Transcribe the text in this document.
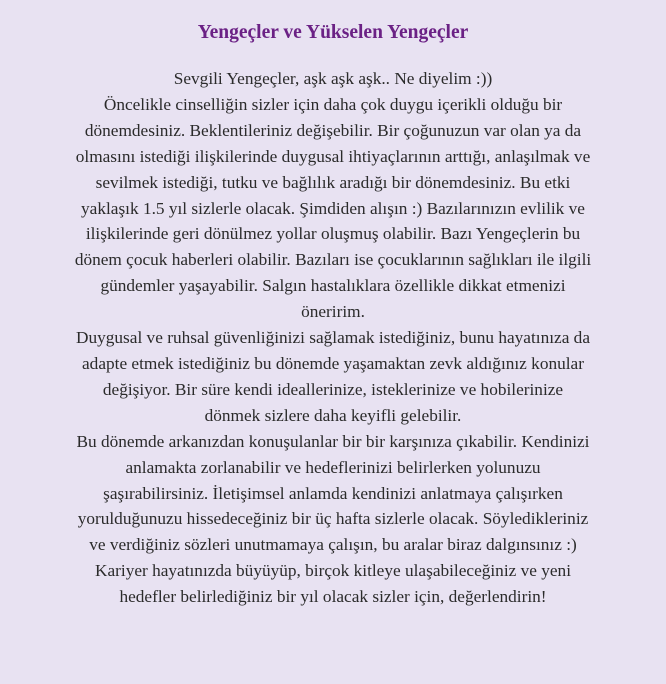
Yengeçler ve Yükselen Yengeçler
Sevgili Yengeçler, aşk aşk aşk.. Ne diyelim :))
Öncelikle cinselliğin sizler için daha çok duygu içerikli olduğu bir
dönemdesiniz. Beklentileriniz değişebilir. Bir çoğunuzun var olan ya da
olmasını istediği ilişkilerinde duygusal ihtiyaçlarının arttığı, anlaşılmak ve
sevilmek istediği, tutku ve bağlılık aradığı bir dönemdesiniz. Bu etki
yaklaşık 1.5 yıl sizlerle olacak. Şimdiden alışın :) Bazılarınızın evlilik ve
ilişkilerinde geri dönülmez yollar oluşmuş olabilir. Bazı Yengeçlerin bu
dönem çocuk haberleri olabilir. Bazıları ise çocuklarının sağlıkları ile ilgili
gündemler yaşayabilir. Salgın hastalıklara özellikle dikkat etmenizi
öneririm.
Duygusal ve ruhsal güvenliğinizi sağlamak istediğiniz, bunu hayatınıza da
adapte etmek istediğiniz bu dönemde yaşamaktan zevk aldığınız konular
değişiyor. Bir süre kendi ideallerinize, isteklerinize ve hobilerinize
dönmek sizlere daha keyifli gelebilir.
Bu dönemde arkanızdan konuşulanlar bir bir karşınıza çıkabilir. Kendinizi
anlamakta zorlanabilir ve hedeflerinizi belirlerken yolunuzu
şaşırabilirsiniz. İletişimsel anlamda kendinizi anlatmaya çalışırken
yorulduğunuzu hissedeceğiniz bir üç hafta sizlerle olacak. Söyledikleriniz
ve verdiğiniz sözleri unutmamaya çalışın, bu aralar biraz dalgınsınız :)
Kariyer hayatınızda büyüyüp, birçok kitleye ulaşabileceğiniz ve yeni
hedefler belirlediğiniz bir yıl olacak sizler için, değerlendirin!
